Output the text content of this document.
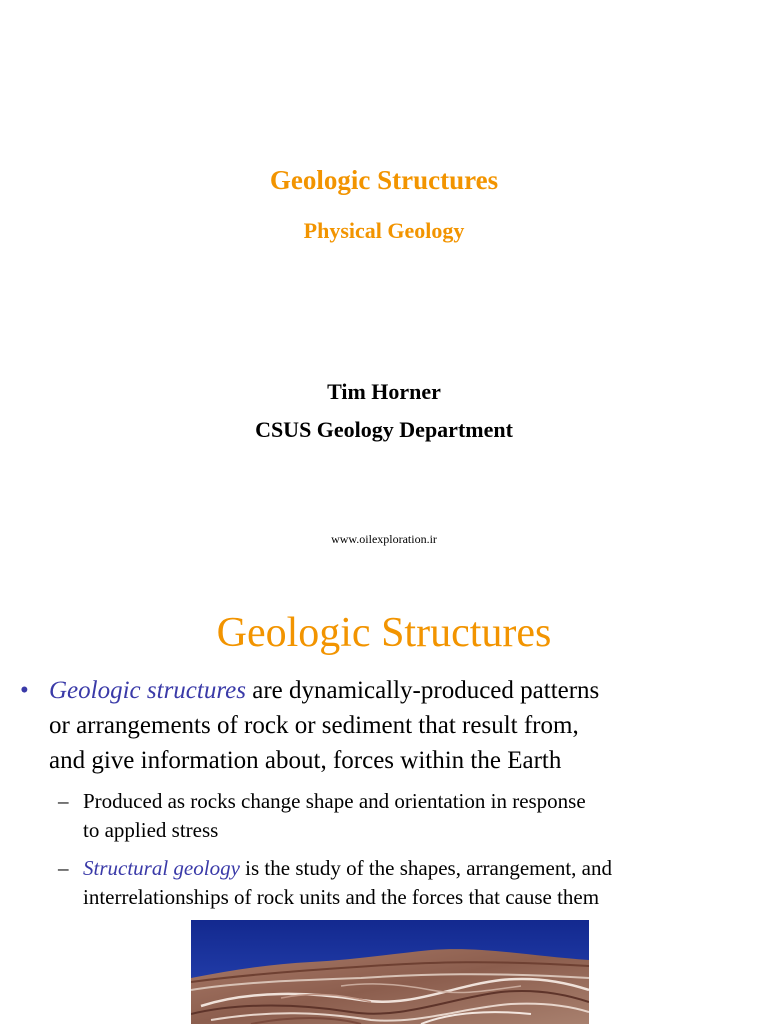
Geologic Structures
Physical Geology
Tim Horner
CSUS Geology Department
www.oilexploration.ir
Geologic Structures
• Geologic structures are dynamically-produced patterns
or arrangements of rock or sediment that result from,
and give information about, forces within the Earth
– Produced as rocks change shape and orientation in response
to applied stress
– Structural geology is the study of the shapes, arrangement, and
interrelationships of rock units and the forces that cause them
